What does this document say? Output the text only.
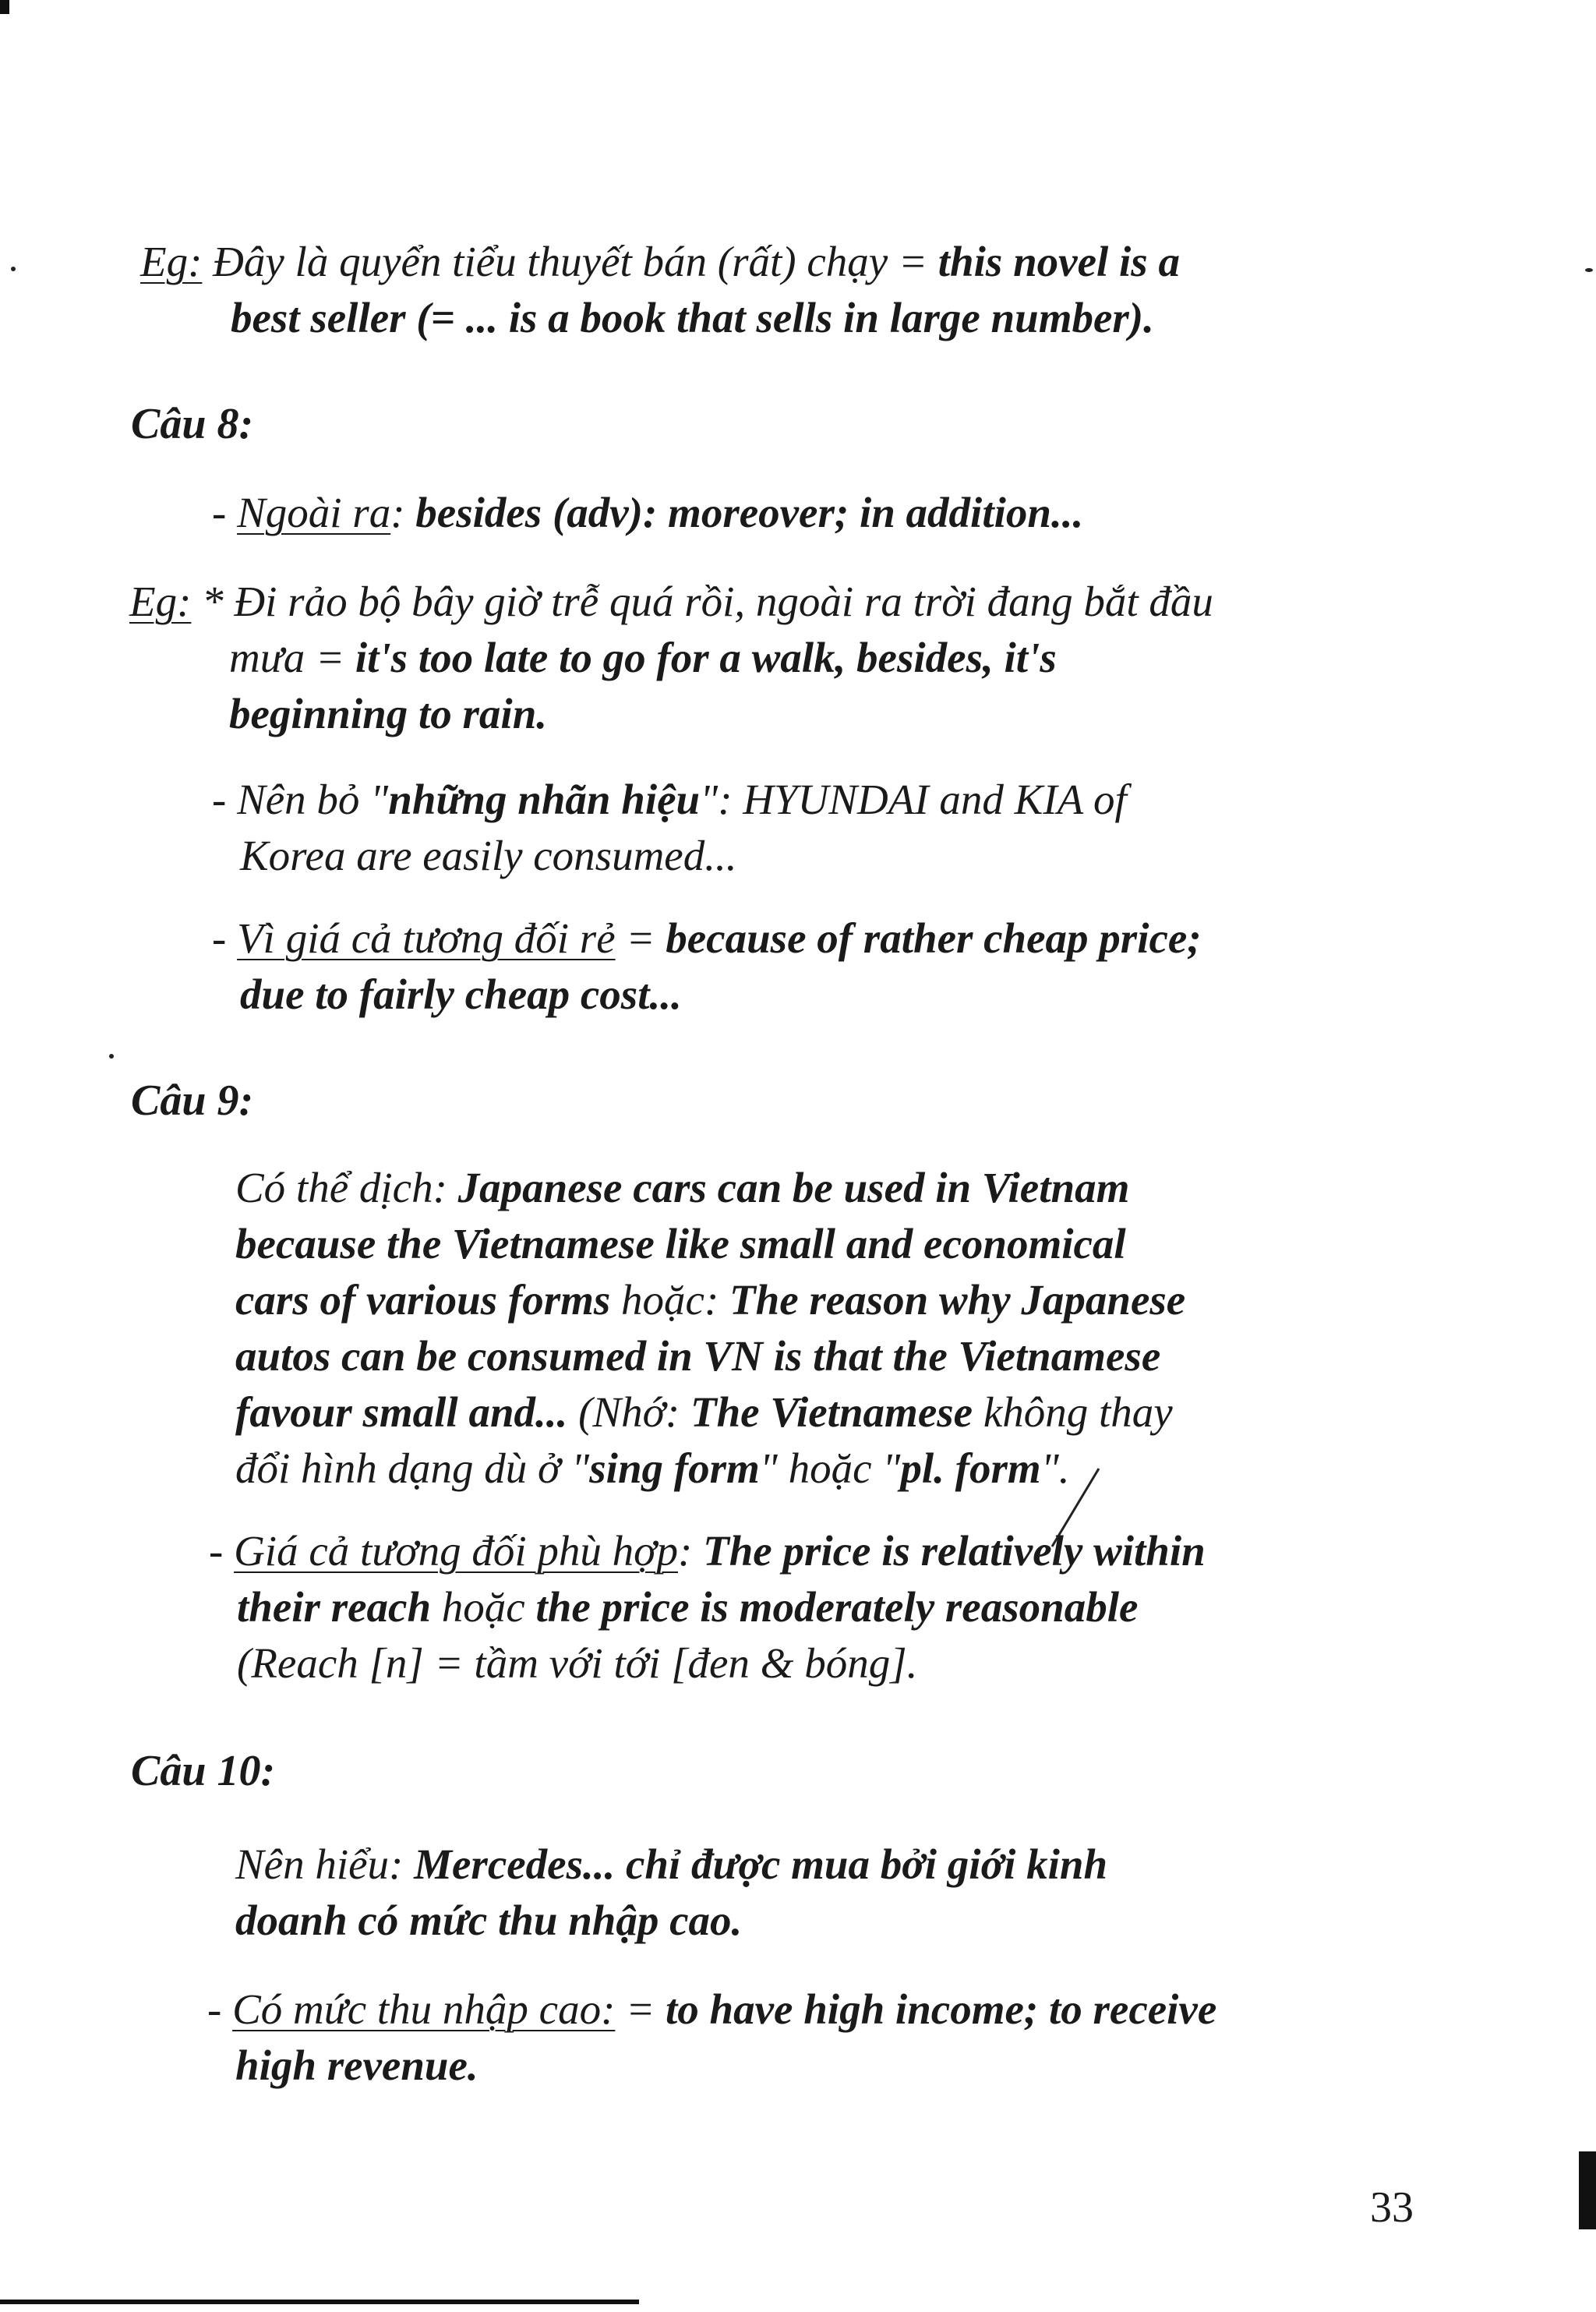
Eg: Đây là quyển tiểu thuyết bán (rất) chạy = this novel is a
best seller (= ... is a book that sells in large number).
Câu 8:
- Ngoài ra: besides (adv): moreover; in addition...
Eg: * Đi rảo bộ bây giờ trễ quá rồi, ngoài ra trời đang bắt đầu
mưa = it's too late to go for a walk, besides, it's
beginning to rain.
- Nên bỏ "những nhãn hiệu": HYUNDAI and KIA of
Korea are easily consumed...
- Vì giá cả tương đối rẻ = because of rather cheap price;
due to fairly cheap cost...
Câu 9:
Có thể dịch: Japanese cars can be used in Vietnam
because the Vietnamese like small and economical
cars of various forms hoặc: The reason why Japanese
autos can be consumed in VN is that the Vietnamese
favour small and... (Nhớ: The Vietnamese không thay
đổi hình dạng dù ở "sing form" hoặc "pl. form".
- Giá cả tương đối phù hợp: The price is relatively within
their reach hoặc the price is moderately reasonable
(Reach [n] = tầm với tới [đen & bóng].
Câu 10:
Nên hiểu: Mercedes... chỉ được mua bởi giới kinh
doanh có mức thu nhập cao.
- Có mức thu nhập cao: = to have high income; to receive
high revenue.
33
